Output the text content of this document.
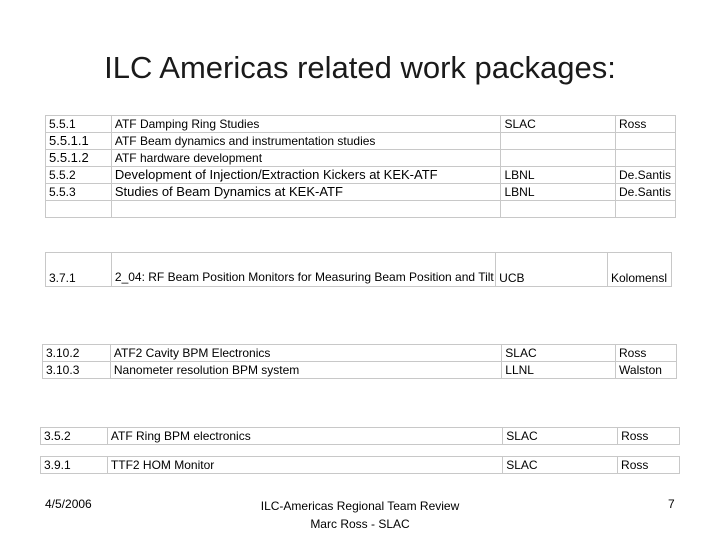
ILC Americas related work packages:
5.5.1	ATF Damping Ring Studies	SLAC	Ross
5.5.1.1	ATF Beam dynamics and instrumentation studies		
5.5.1.2	ATF hardware development		
5.5.2	Development of Injection/Extraction Kickers at KEK-ATF	LBNL	De.Santis
5.5.3	Studies of Beam Dynamics at KEK-ATF	LBNL	De.Santis

3.7.1	2_04: RF Beam Position Monitors for Measuring Beam Position and Tilt	UCB	Kolomensl
3.10.2	ATF2 Cavity BPM Electronics	SLAC	Ross
3.10.3	Nanometer resolution BPM system	LLNL	Walston
3.5.2	ATF Ring BPM electronics	SLAC	Ross
3.9.1	TTF2 HOM Monitor	SLAC	Ross
4/5/2006	ILC-Americas Regional Team Review
Marc Ross - SLAC
7
